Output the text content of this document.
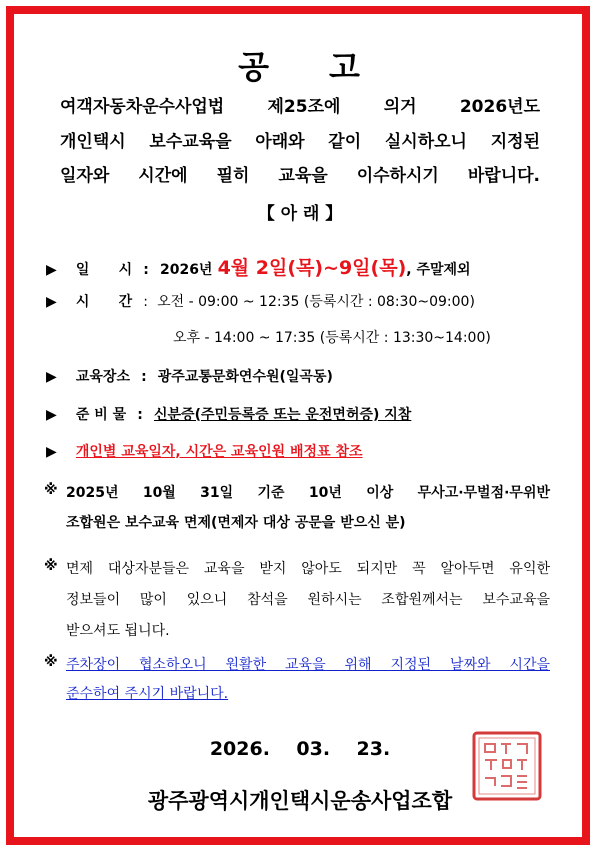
공 고
여객자동차운수사업법 제25조에 의거 2026년도
개인택시 보수교육을 아래와 같이 실시하오니 지정된
일자와 시간에 필히 교육을 이수하시기 바랍니다.
【 아 래 】
▶ 일      시 : 2026년 4월 2일(목)~9일(목), 주말제외
▶ 시      간 : 오전 - 09:00 ~ 12:35 (등록시간 : 08:30~09:00)
오후 - 14:00 ~ 17:35 (등록시간 : 13:30~14:00)
▶ 교육장소 : 광주교통문화연수원(일곡동)
▶ 준 비 물 : 신분증(주민등록증 또는 운전면허증) 지참
▶ 개인별 교육일자, 시간은 교육인원 배정표 참조
※ 2025년 10월 31일 기준 10년 이상 무사고·무벌점·무위반
조합원은 보수교육 면제(면제자 대상 공문을 받으신 분)
※ 면제 대상자분들은 교육을 받지 않아도 되지만 꼭 알아두면 유익한
정보들이 많이 있으니 참석을 원하시는 조합원께서는 보수교육을
받으셔도 됩니다.
※ 주차장이 협소하오니 원활한 교육을 위해 지정된 날짜와 시간을
준수하여 주시기 바랍니다.
2026.    03.    23.
광주광역시개인택시운송사업조합
